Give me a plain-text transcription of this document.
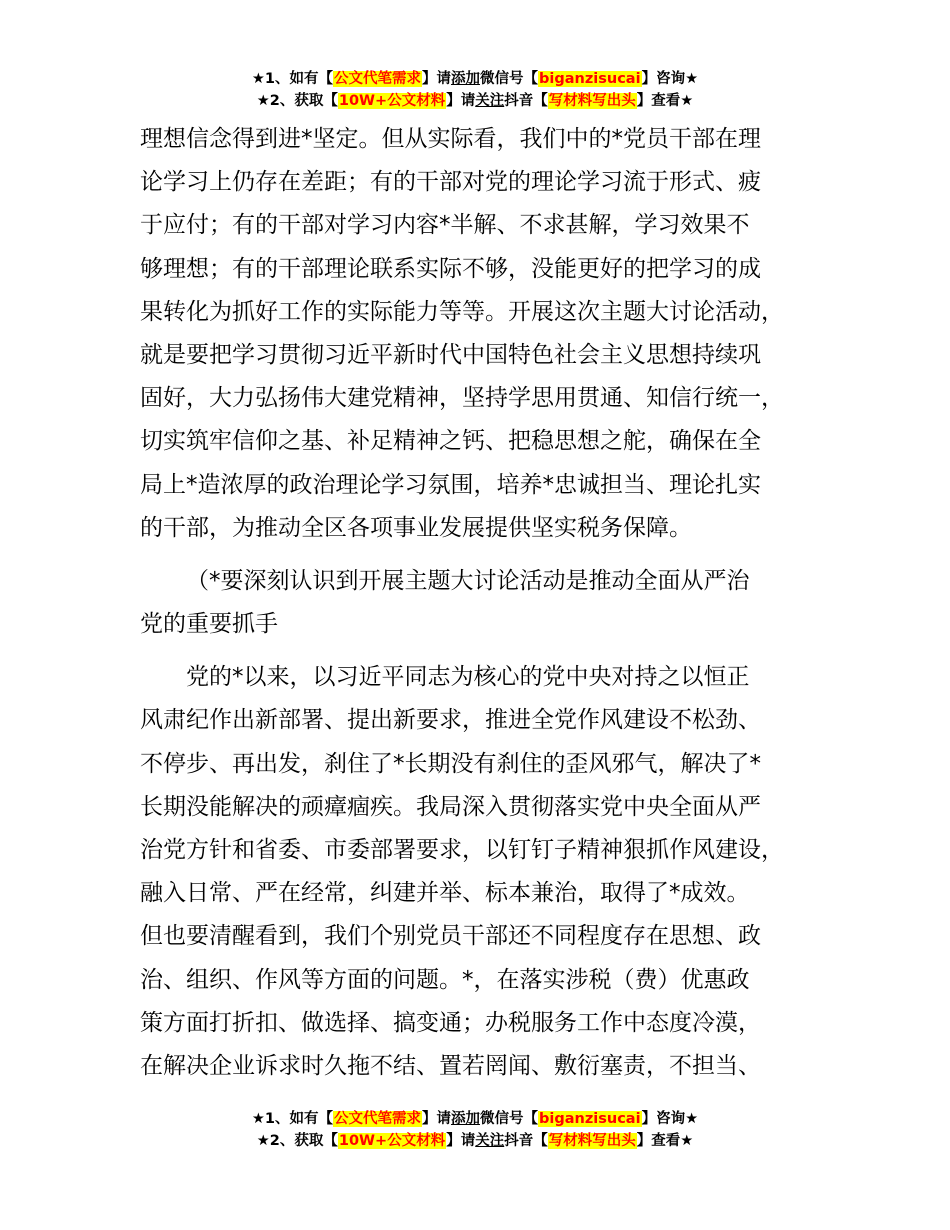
★1、如有【公文代笔需求】请添加微信号【biganzisucai】咨询★
★2、获取【10W+公文材料】请关注抖音【写材料写出头】查看★
理想信念得到进*坚定。但从实际看，我们中的*党员干部在理
论学习上仍存在差距；有的干部对党的理论学习流于形式、疲
于应付；有的干部对学习内容*半解、不求甚解，学习效果不
够理想；有的干部理论联系实际不够，没能更好的把学习的成
果转化为抓好工作的实际能力等等。开展这次主题大讨论活动，
就是要把学习贯彻习近平新时代中国特色社会主义思想持续巩
固好，大力弘扬伟大建党精神，坚持学思用贯通、知信行统一，
切实筑牢信仰之基、补足精神之钙、把稳思想之舵，确保在全
局上*造浓厚的政治理论学习氛围，培养*忠诚担当、理论扎实
的干部，为推动全区各项事业发展提供坚实税务保障。
（*要深刻认识到开展主题大讨论活动是推动全面从严治
党的重要抓手
党的*以来，以习近平同志为核心的党中央对持之以恒正
风肃纪作出新部署、提出新要求，推进全党作风建设不松劲、
不停步、再出发，刹住了*长期没有刹住的歪风邪气，解决了*
长期没能解决的顽瘴痼疾。我局深入贯彻落实党中央全面从严
治党方针和省委、市委部署要求，以钉钉子精神狠抓作风建设，
融入日常、严在经常，纠建并举、标本兼治，取得了*成效。
但也要清醒看到，我们个别党员干部还不同程度存在思想、政
治、组织、作风等方面的问题。*，在落实涉税（费）优惠政
策方面打折扣、做选择、搞变通；办税服务工作中态度冷漠，
在解决企业诉求时久拖不结、置若罔闻、敷衍塞责，不担当、
★1、如有【公文代笔需求】请添加微信号【biganzisucai】咨询★
★2、获取【10W+公文材料】请关注抖音【写材料写出头】查看★
